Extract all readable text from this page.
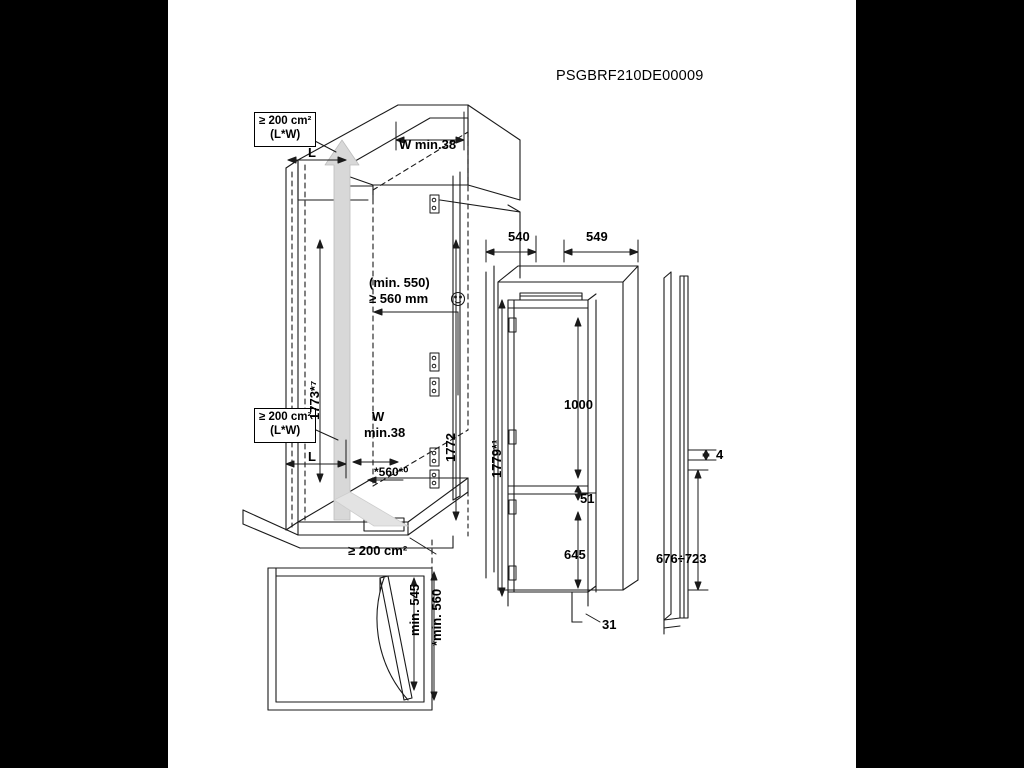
PSGBRF210DE00009
≥ 200 cm²
(L*W)
≥ 200 cm²
(L*W)
W min.38
L
L
(min. 550)
≥ 560 mm
1773*⁷
1772
W
min.38
*560*⁰
≥ 200 cm²
540	549
1779*¹
1000
51
645
31
4
676÷723
min. 545 *min. 560
